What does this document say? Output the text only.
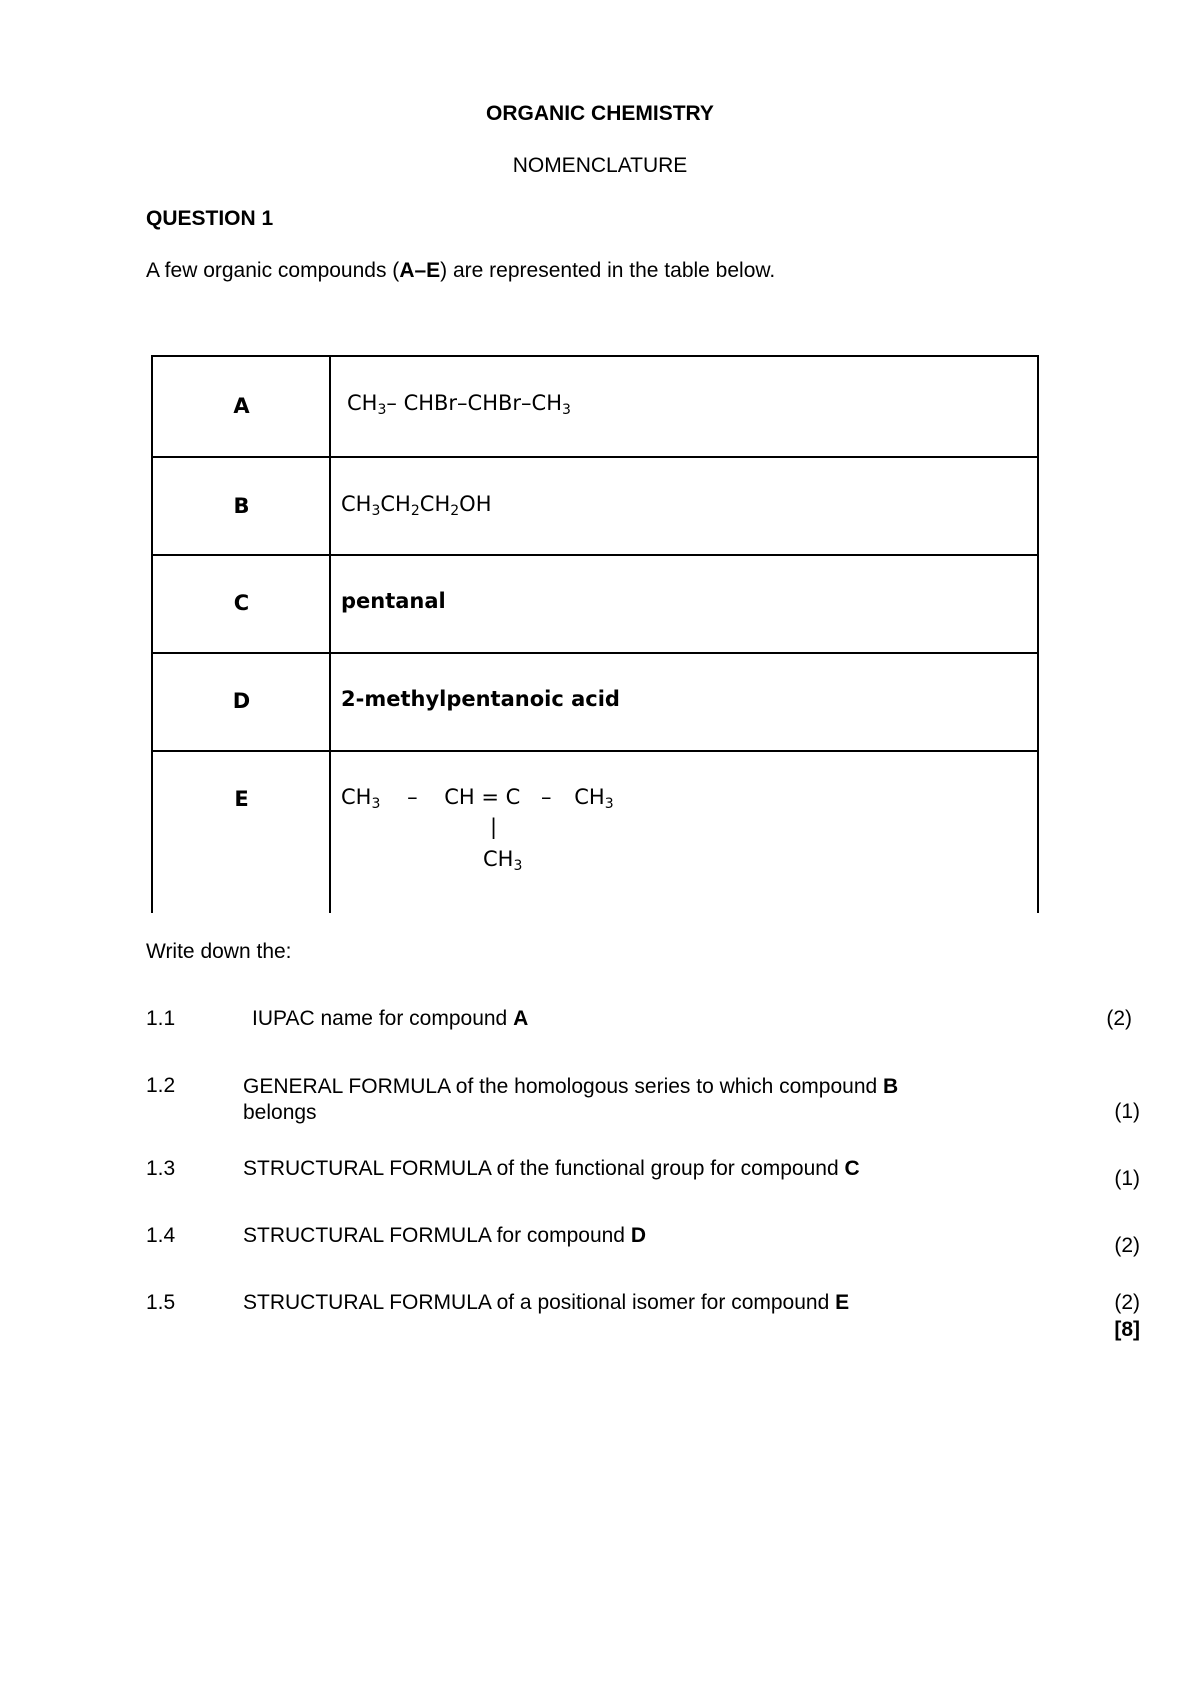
ORGANIC CHEMISTRY
NOMENCLATURE
QUESTION 1
A few organic compounds (A–E) are represented in the table below.
A	$CH_3-$ CHBr–$CHBr-CH_3$
B	$CH_3CH_2CH_2OH$
C	pentanal
D	2-methylpentanoic acid
E	$CH_3$ – CH = C – $CH_3$
|
$CH_3$
Write down the:
1.1	IUPAC name for compound A	(2)
1.2	GENERAL FORMULA of the homologous series to which compound B
belongs	(1)
1.3	STRUCTURAL FORMULA of the functional group for compound C	(1)
1.4	STRUCTURAL FORMULA for compound D	(2)
1.5	STRUCTURAL FORMULA of a positional isomer for compound E	(2)
[8]
